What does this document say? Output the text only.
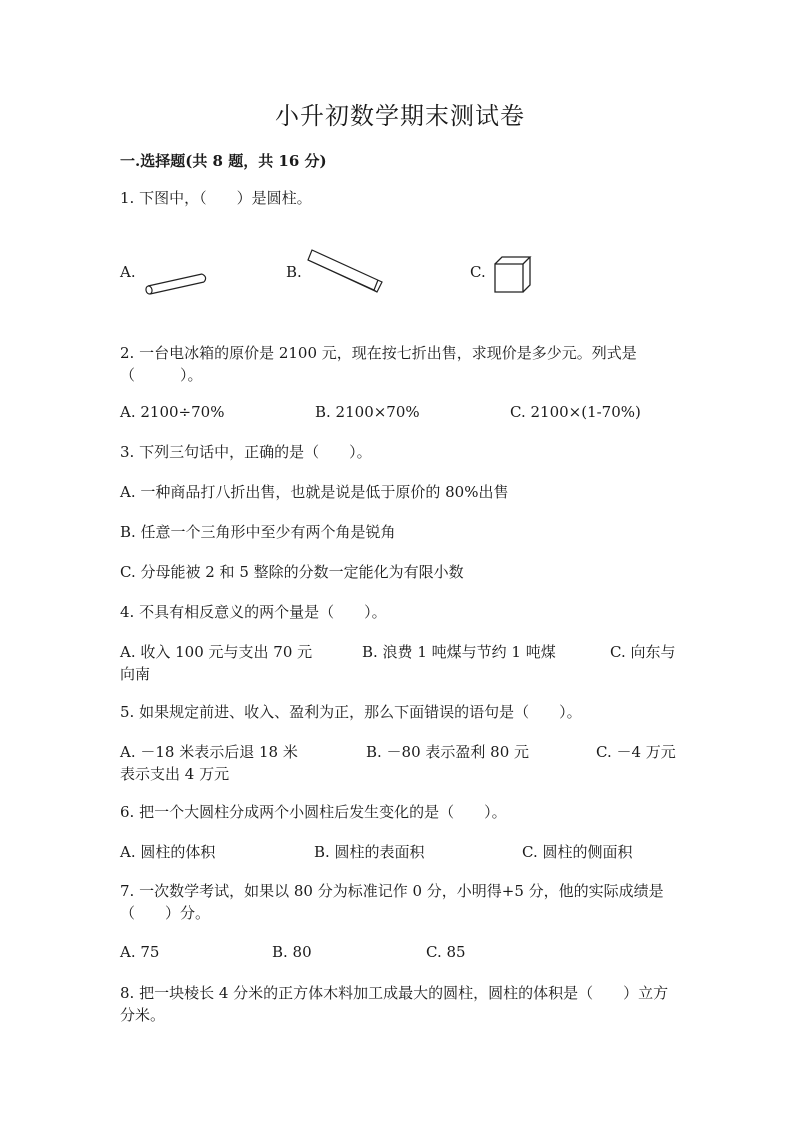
小升初数学期末测试卷
一.选择题(共 8 题，共 16 分)
1. 下图中，（　　）是圆柱。
A.	B.	C.
2. 一台电冰箱的原价是 2100 元，现在按七折出售，求现价是多少元。列式是（　　　）。
A. 2100÷70%	B. 2100×70%	C. 2100×(1-70%)
3. 下列三句话中，正确的是（　　）。
A. 一种商品打八折出售，也就是说是低于原价的 80%出售
B. 任意一个三角形中至少有两个角是锐角
C. 分母能被 2 和 5 整除的分数一定能化为有限小数
4. 不具有相反意义的两个量是（　　）。
A. 收入 100 元与支出 70 元	B. 浪费 1 吨煤与节约 1 吨煤	C. 向东与
向南
5. 如果规定前进、收入、盈利为正，那么下面错误的语句是（　　）。
A. －18 米表示后退 18 米	B. －80 表示盈利 80 元	C. －4 万元
表示支出 4 万元
6. 把一个大圆柱分成两个小圆柱后发生变化的是（　　）。
A. 圆柱的体积	B. 圆柱的表面积	C. 圆柱的侧面积
7. 一次数学考试，如果以 80 分为标准记作 0 分，小明得+5 分，他的实际成绩是（　　）分。
A. 75	B. 80	C. 85
8. 把一块棱长 4 分米的正方体木料加工成最大的圆柱，圆柱的体积是（　　）立方分米。
